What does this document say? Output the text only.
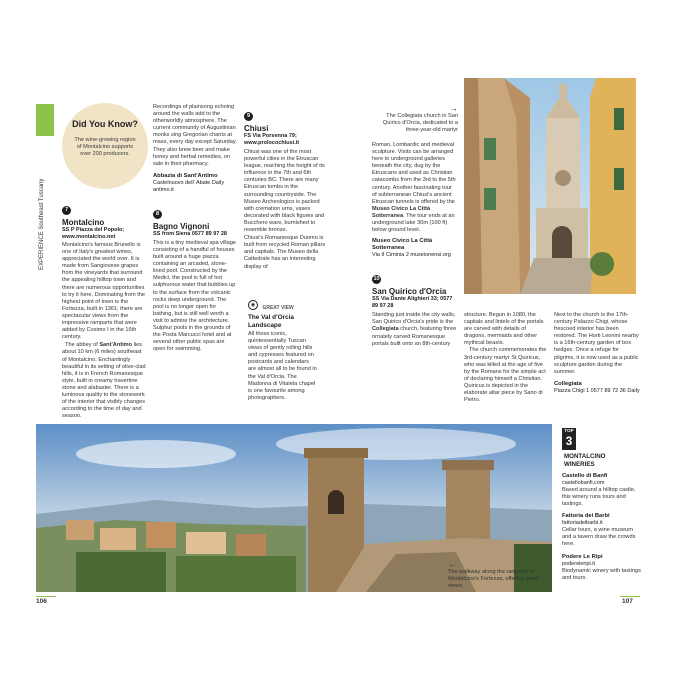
EXPERIENCE Southeast Tuscany
Did You Know?
The wine-growing region of Montalcino supports over 200 producers.
7
Montalcino
SS P Piazza del Popolo; www.montalcino.net

Montalcino's famous Brunello is one of Italy's greatest wines, appreciated the world over. It is made from Sangiovese grapes from the vineyards that surround the appealing hilltop town and there are numerous opportunities to try it here. Dominating from the highest point of town is the Fortezza, built in 1361; there are spectacular views from the impressive ramparts that were added by Cosimo I in the 16th century.

The abbey of Sant'Antimo lies about 10 km (6 miles) southeast of Montalcino. Enchantingly beautiful in its setting of olive-clad hills, it is in French Romanesque style, built in creamy travertine stone and alabaster. There is a luminous quality to the stonework of the interior that visibly changes according to the time of day and season.

Recordings of plainsong echoing around the walls add to the otherworldly atmosphere. The current community of Augustinian monks sing Gregorian chants at mass, every day except Saturday. They also brew beer and make honey and herbal remedies, on sale in their pharmacy.
Abbazia di Sant'Antimo
Castelnuovo dell' Abate Daily antimo.it
8
Bagno Vignoni
SS from Siena 0577 89 97 28
This is a tiny medieval spa village consisting of a handful of houses built around a huge piazza containing an arcaded, stone-lined pool. Constructed by the Medici, the pool is full of hot sulphurous water that bubbles up to the surface from the volcanic rocks deep underground. The pool is no longer open for bathing, but is still well worth a visit to admire the architecture. Sulphur pools in the grounds of the Posta Marcucci hotel and at several other public spas are open for swimming.
9
Chiusi
FS Via Porsenna 79; www.prolocochiusi.it

Chiusi was one of the most powerful cities in the Etruscan league, reaching the height of its influence in the 7th and 6th centuries BC. There are many Etruscan tombs in the surrounding countryside. The Museo Archeologico is packed with cremation urns, vases decorated with black figures and Bucchero ware, burnished to resemble bronze.

Chiusi's Romanesque Duomo is built from recycled Roman pillars and capitals. The Museo della Cattedrale has an interesting display of

◉ GREAT VIEW
The Val d'Orcia Landscape
All those iconic, quintessentially Tuscan views of gently rolling hills and cypresses featured on postcards and calendars are almost all to be found in the Val d'Orcia. The Madonna di Vitaleta chapel is one favourite among photographers.
→
The Collegiata church in San Quirico d'Orcia, dedicated to a three-year-old martyr
Roman, Lombardic and medieval sculpture. Visits can be arranged here to underground galleries beneath the city, dug by the Etruscans and used as Christian catacombs from the 3rd to the 5th century. Another fascinating tour of subterranean Chiusi's ancient Etruscan tunnels is offered by the Museo Civico La Città Sotterranea. The tour ends at an underground lake 30m (100 ft) below ground level.
Museo Civico La Città Sotterranea
Via II Ciminia 2 museionensi.org
10
San Quirico d'Orcia
SS Via Dante Alighieri 33; 0577 89 97 28
Standing just inside the city walls, San Quirico d'Orcia's pride is the Collegiata church, featuring three ornately carved Romanesque portals built onto an 8th-century
structure. Begun in 1080, the capitals and lintels of the portals are carved with details of dragons, mermaids and other mythical beasts.
The church commemorates the 3rd-century martyr St Quiricus, who was killed at the age of five by the Romans for the simple act of declaring himself a Christian. Quiricus is depicted in the elaborate altar piece by Sano di Pietro.
Next to the church is the 17th-century Palazzo Chigi, whose frescoed interior has been restored. The Horti Leonini nearby is a 16th-century garden of box hedges. Once a refuge for pilgrims, it is now used as a public sculpture garden during the summer.
Collegiata
Piazza Chigi 1 0577 89 72 36 Daily
←
The walkway along the ramparts of Montalcino's Fortezza, offering great views
TOP
3
MONTALCINO WINERIES
Castello di Banfi
castellobanfi.com
Based around a hilltop castle, this winery runs tours and tastings.
Fattoria dei Barbi
fattoriadeibarbi.it
Cellar tours, a wine museum and a tavern draw the crowds here.
Podere Le Ripi
podereleripi.it
Biodynamic winery with tastings and tours.
106	107
